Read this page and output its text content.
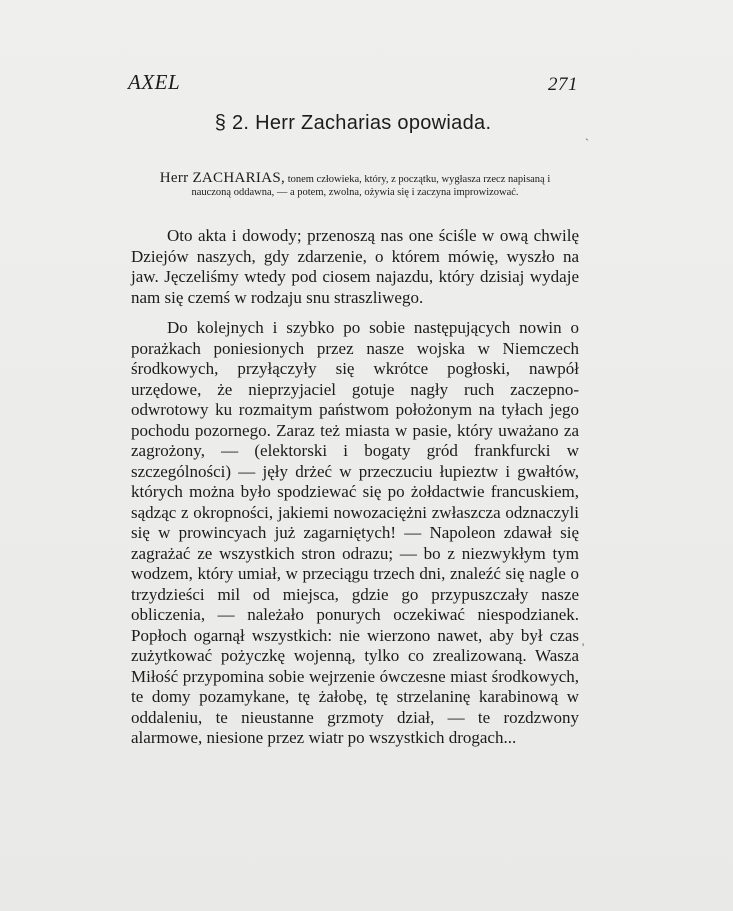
AXEL	271
§ 2. Herr Zacharias opowiada.
Herr ZACHARIAS, tonem człowieka, który, z początku, wygłasza rzecz napisaną i nauczoną oddawna, — a potem, zwolna, ożywia się i zaczyna improwizować.

Oto akta i dowody; przenoszą nas one ściśle w ową chwilę Dziejów naszych, gdy zdarzenie, o którem mówię, wyszło na jaw. Jęczeliśmy wtedy pod ciosem najazdu, który dzisiaj wydaje nam się czemś w rodzaju snu straszliwego.

Do kolejnych i szybko po sobie następujących nowin o porażkach poniesionych przez nasze wojska w Niemczech środkowych, przyłączyły się wkrótce pogłoski, nawpół urzędowe, że nieprzyjaciel gotuje nagły ruch zaczepno-odwrotowy ku rozmaitym państwom położonym na tyłach jego pochodu pozornego. Zaraz też miasta w pasie, który uważano za zagrożony, — (elektorski i bogaty gród frankfurcki w szczególności) — jęły drżeć w przeczuciu łupieztw i gwałtów, których można było spodziewać się po żołdactwie francuskiem, sądząc z okropności, jakiemi nowozaciężni zwłaszcza odznaczyli się w prowincyach już zagarniętych! — Napoleon zdawał się zagrażać ze wszystkich stron odrazu; — bo z niezwykłym tym wodzem, który umiał, w przeciągu trzech dni, znaleźć się nagle o trzydzieści mil od miejsca, gdzie go przypuszczały nasze obliczenia, — należało ponurych oczekiwać niespodzianek. Popłoch ogarnął wszystkich: nie wierzono nawet, aby był czas zużytkować pożyczkę wojenną, tylko co zrealizowaną. Wasza Miłość przypomina sobie wejrzenie ówczesne miast środkowych, te domy pozamykane, tę żałobę, tę strzelaninę karabinową w oddaleniu, te nieustanne grzmoty dział, — te rozdzwony alarmowe, niesione przez wiatr po wszystkich drogach...

`
'
